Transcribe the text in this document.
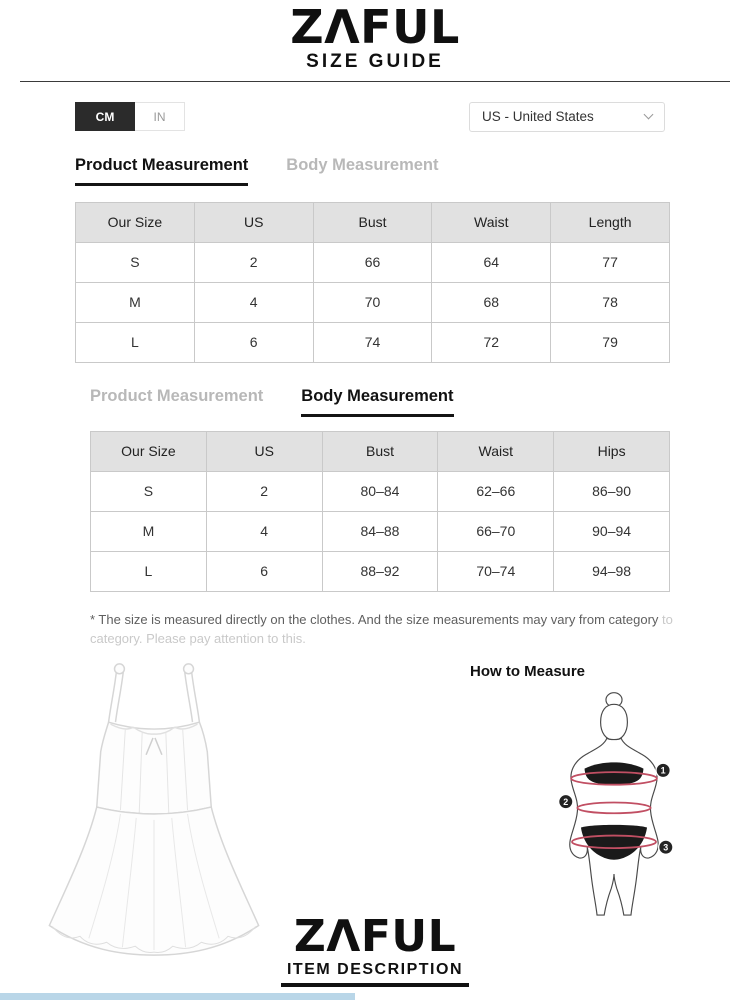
ZΛFUL
SIZE GUIDE
CM	IN	US - United States
Product Measurement Body Measurement
Our Size	US	Bust	Waist	Length
S	2	66	64	77
M	4	70	68	78
L	6	74	72	79
Product Measurement Body Measurement
Our Size	US	Bust	Waist	Hips
S	2	80–84	62–66	86–90
M	4	84–88	66–70	90–94
L	6	88–92	70–74	94–98

* The size is measured directly on the clothes. And the size measurements may vary from category to category. Please pay attention to this.

How to Measure
1
2
3
ZΛFUL
ITEM DESCRIPTION
